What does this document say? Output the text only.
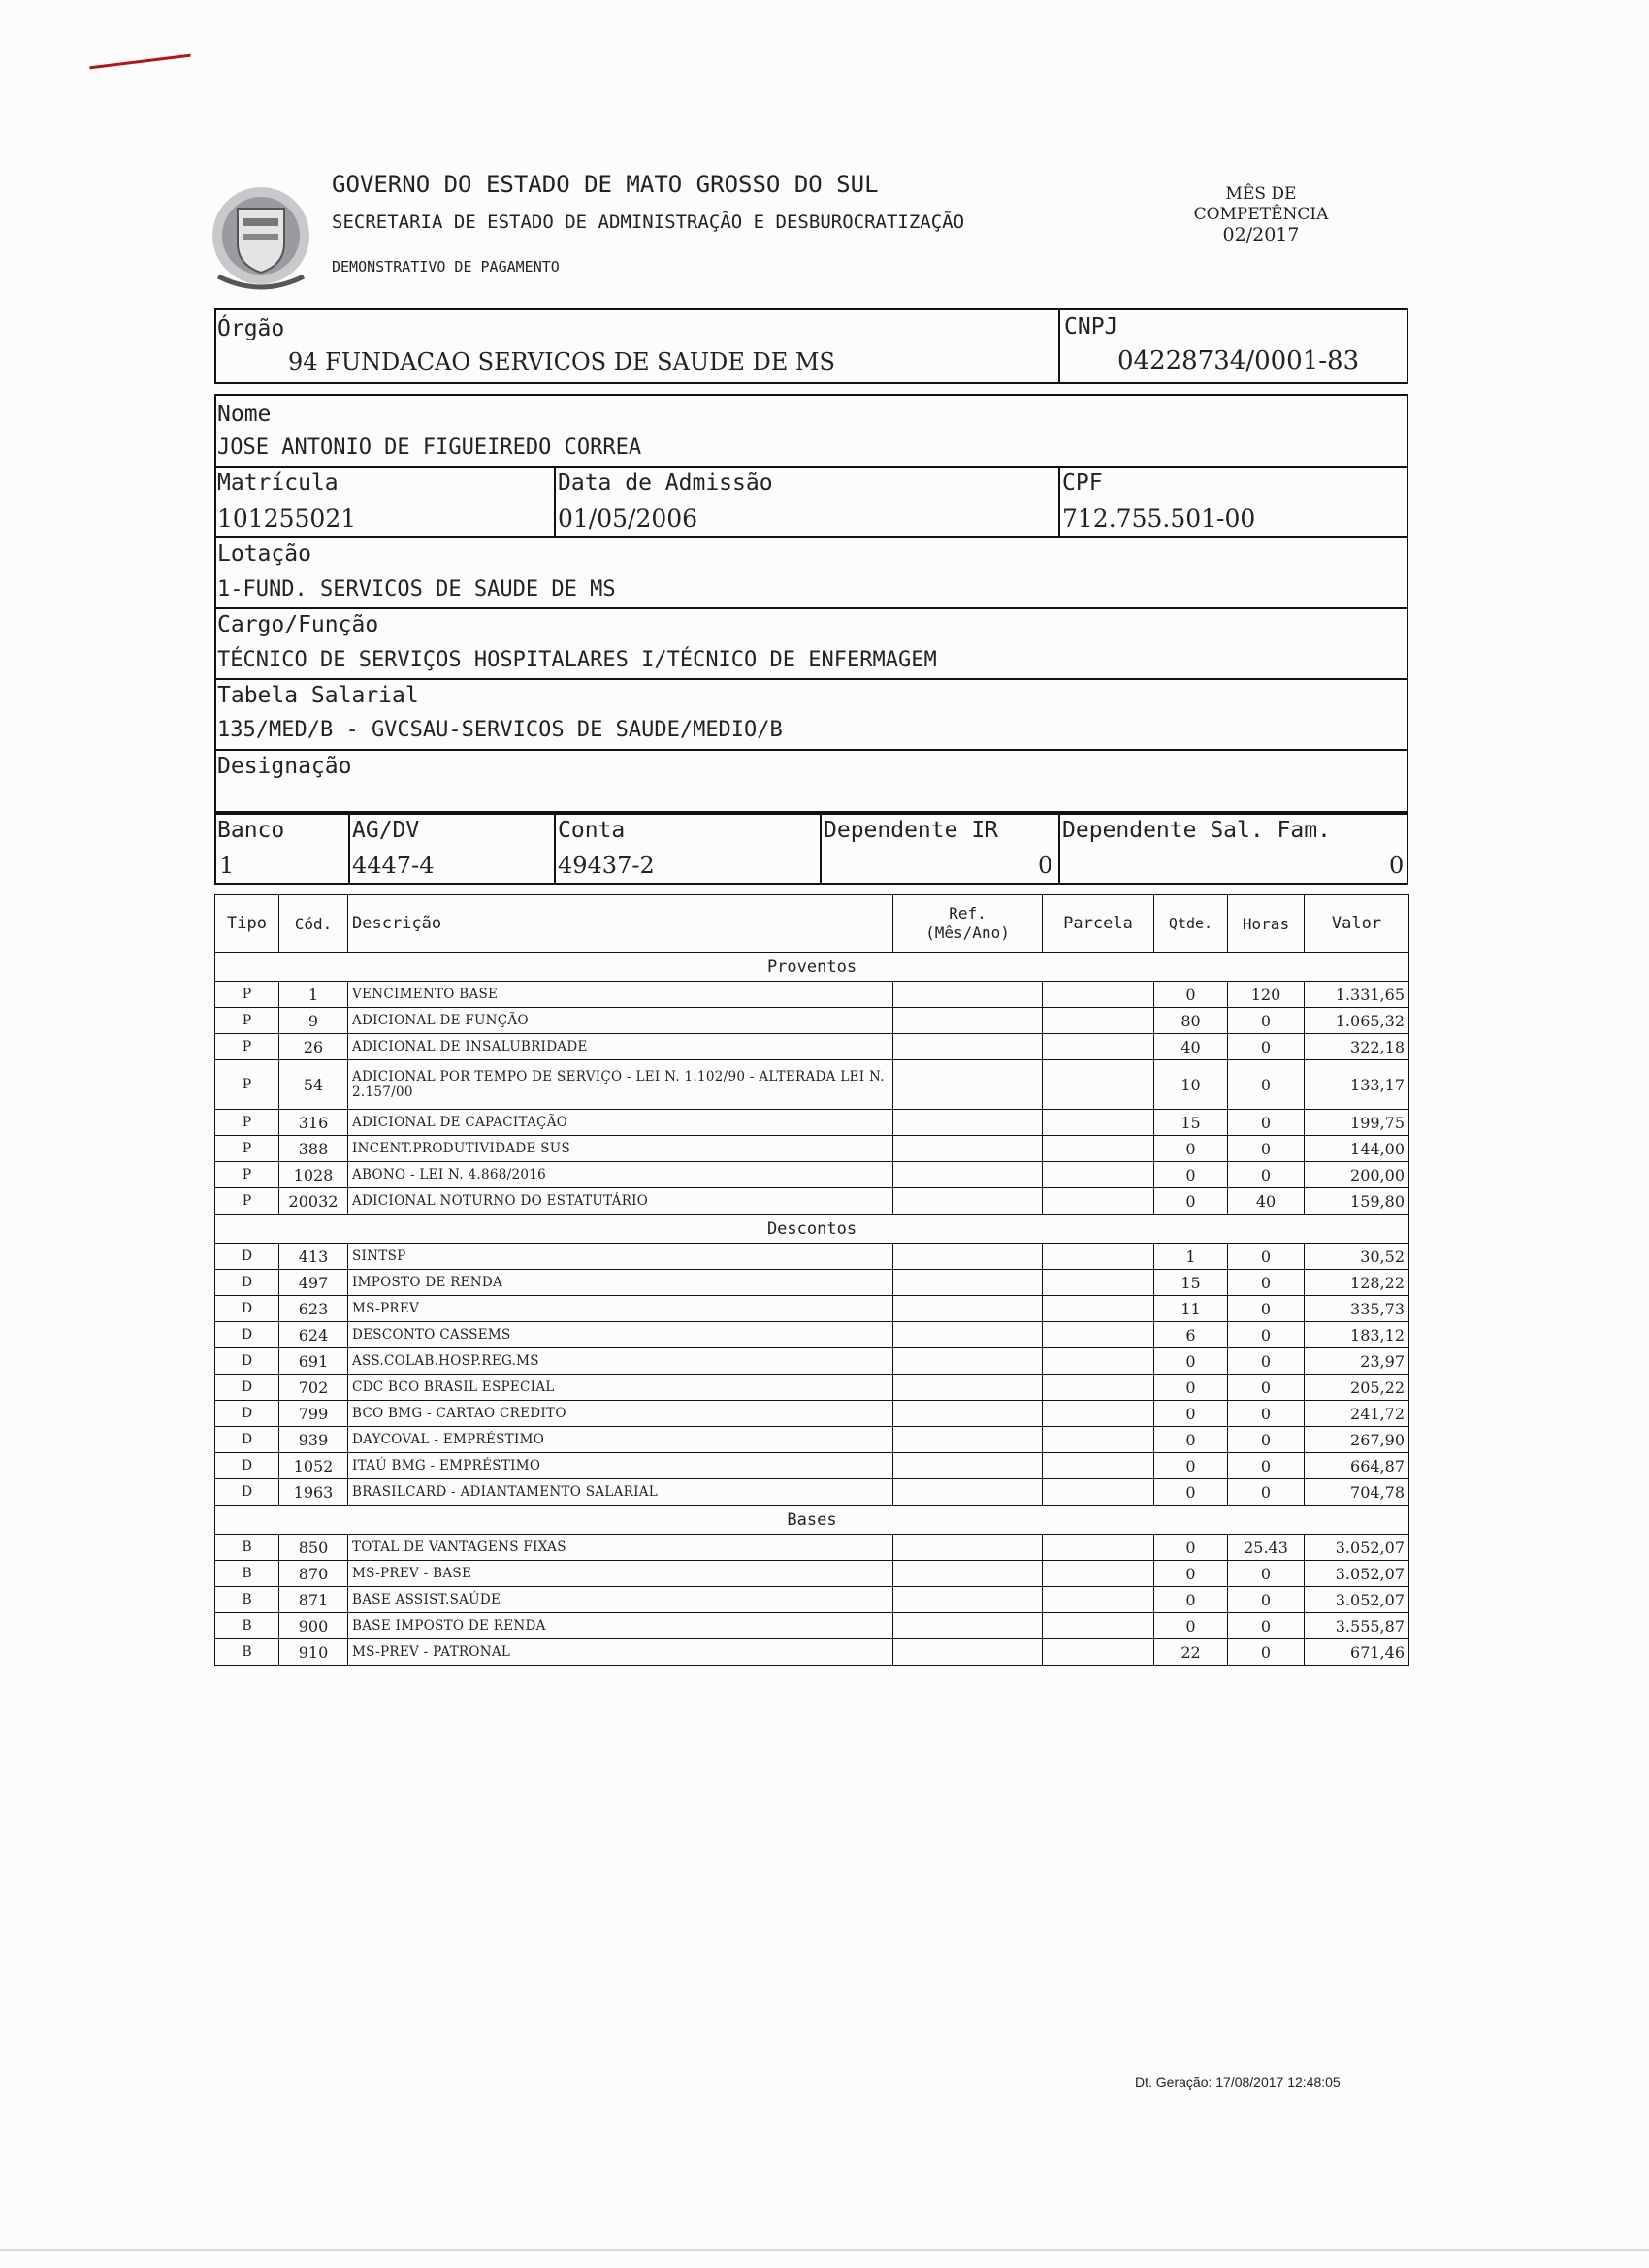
GOVERNO DO ESTADO DE MATO GROSSO DO SUL
SECRETARIA DE ESTADO DE ADMINISTRAÇÃO E DESBUROCRATIZAÇÃO
DEMONSTRATIVO DE PAGAMENTO
MÊS DE
COMPETÊNCIA
02/2017
Órgão
94 FUNDACAO SERVICOS DE SAUDE DE MS
CNPJ
04228734/0001-83
Nome
JOSE ANTONIO DE FIGUEIREDO CORREA
Matrícula
101255021
Data de Admissão
01/05/2006
CPF
712.755.501-00
Lotação
1-FUND. SERVICOS DE SAUDE DE MS
Cargo/Função
TÉCNICO DE SERVIÇOS HOSPITALARES I/TÉCNICO DE ENFERMAGEM
Tabela Salarial
135/MED/B - GVCSAU-SERVICOS DE SAUDE/MEDIO/B
Designação
Banco
1
AG/DV
4447-4
Conta
49437-2
Dependente IR
0
Dependente Sal. Fam.
0
Tipo	Cód.	Descrição	Ref.
(Mês/Ano)	Parcela	Qtde.	Horas	Valor
Proventos							
P	1	VENCIMENTO BASE			0	120	1.331,65
P	9	ADICIONAL DE FUNÇÃO			80	0	1.065,32
P	26	ADICIONAL DE INSALUBRIDADE			40	0	322,18
P	54	ADICIONAL POR TEMPO DE SERVIÇO - LEI N. 1.102/90 - ALTERADA LEI N. 2.157/00			10	0	133,17
P	316	ADICIONAL DE CAPACITAÇÃO			15	0	199,75
P	388	INCENT.PRODUTIVIDADE SUS			0	0	144,00
P	1028	ABONO - LEI N. 4.868/2016			0	0	200,00
P	20032	ADICIONAL NOTURNO DO ESTATUTÁRIO			0	40	159,80
Descontos							
D	413	SINTSP			1	0	30,52
D	497	IMPOSTO DE RENDA			15	0	128,22
D	623	MS-PREV			11	0	335,73
D	624	DESCONTO CASSEMS			6	0	183,12
D	691	ASS.COLAB.HOSP.REG.MS			0	0	23,97
D	702	CDC BCO BRASIL ESPECIAL			0	0	205,22
D	799	BCO BMG - CARTAO CREDITO			0	0	241,72
D	939	DAYCOVAL - EMPRÉSTIMO			0	0	267,90
D	1052	ITAÚ BMG - EMPRÉSTIMO			0	0	664,87
D	1963	BRASILCARD - ADIANTAMENTO SALARIAL			0	0	704,78
Bases							
B	850	TOTAL DE VANTAGENS FIXAS			0	25.43	3.052,07
B	870	MS-PREV - BASE			0	0	3.052,07
B	871	BASE ASSIST.SAÚDE			0	0	3.052,07
B	900	BASE IMPOSTO DE RENDA			0	0	3.555,87
B	910	MS-PREV - PATRONAL			22	0	671,46
Dt. Geração: 17/08/2017 12:48:05
